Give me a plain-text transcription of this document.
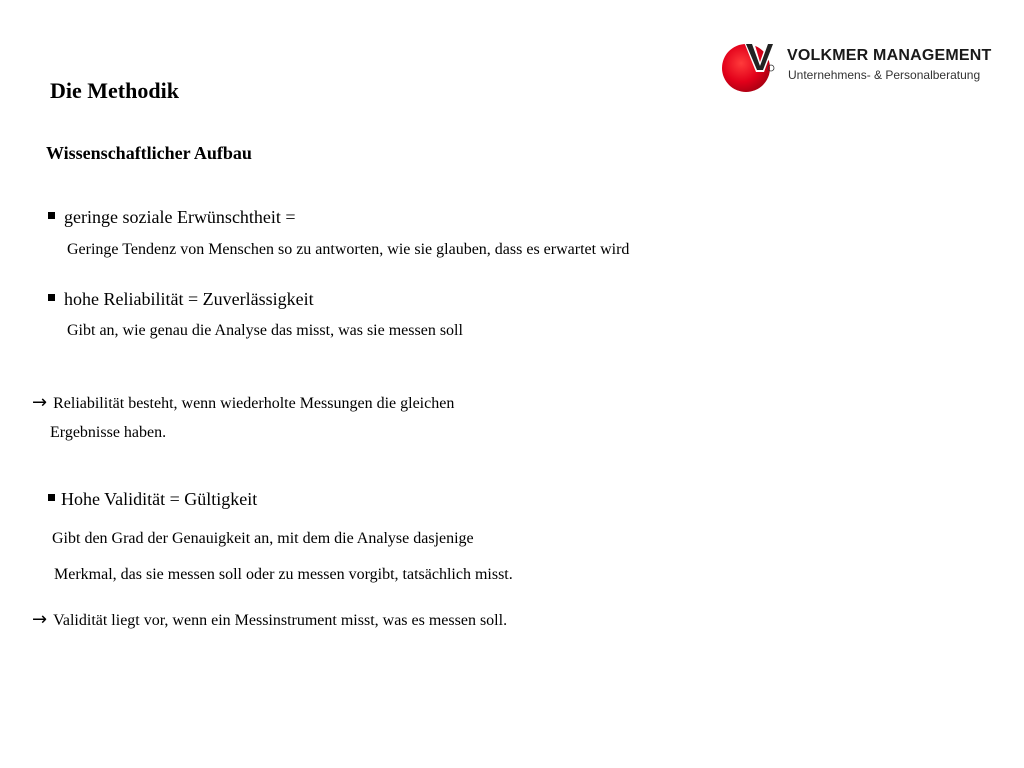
VOLKMER MANAGEMENT
Unternehmens- & Personalberatung
Die Methodik
Wissenschaftlicher Aufbau
geringe soziale Erwünschtheit =
Geringe Tendenz von Menschen so zu antworten, wie sie glauben, dass es erwartet wird
hohe Reliabilität = Zuverlässigkeit
Gibt an, wie genau die Analyse das misst, was sie messen soll
→ Reliabilität besteht, wenn wiederholte Messungen die gleichen
Ergebnisse haben.
Hohe Validität = Gültigkeit
Gibt den Grad der Genauigkeit an, mit dem die Analyse dasjenige
Merkmal, das sie messen soll oder zu messen vorgibt, tatsächlich misst.
→ Validität liegt vor, wenn ein Messinstrument misst, was es messen soll.
